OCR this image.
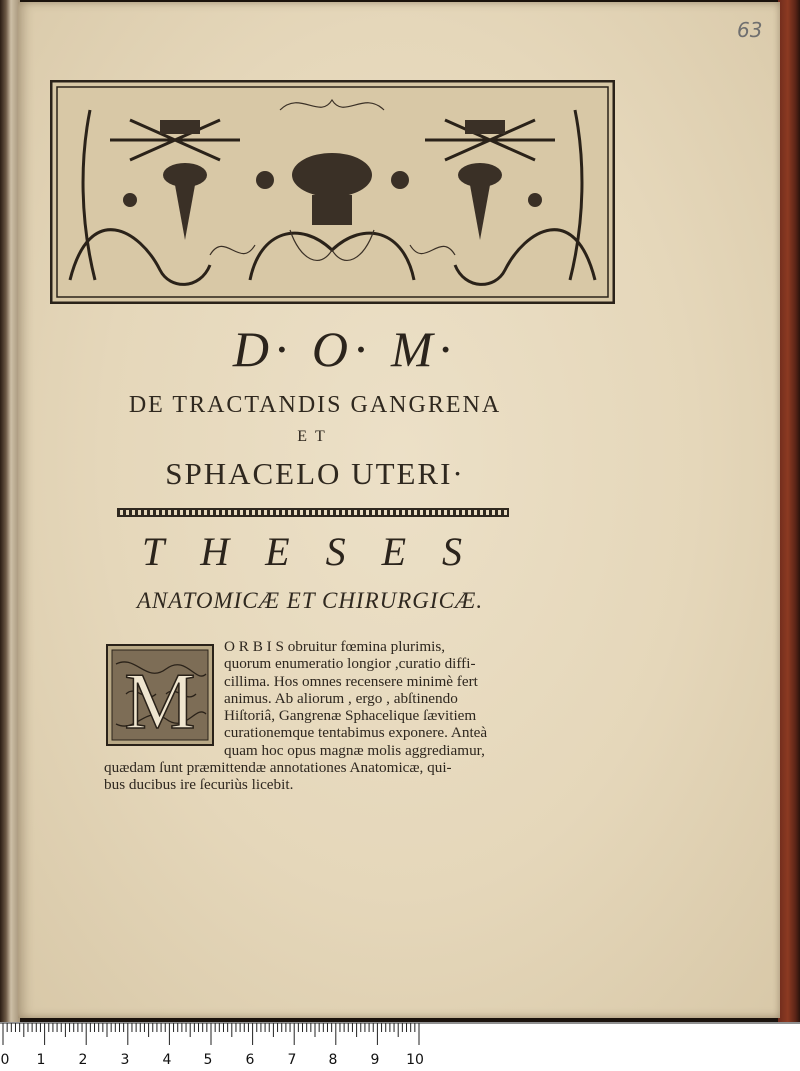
63
D· O· M·
DE TRACTANDIS GANGRENA
ET
SPHACELO UTERI·
THESES
ANATOMICÆ ET CHIRURGICÆ.
M
O R B I S obruitur fœmina plurimis,
quorum enumeratio longior ,curatio diffi-
cillima. Hos omnes recensere minimè fert
animus. Ab aliorum , ergo , abſtinendo
Hiſtoriâ, Gangrenæ Sphacelique ſævitiem
curationemque tentabimus exponere. Anteà
quam hoc opus magnæ molis aggrediamur,
quædam ſunt præmittendæ annotationes Anatomicæ, qui-
bus ducibus ire ſecuriùs licebit.
0	1	2	3	4	5	6	7	8	9	10
